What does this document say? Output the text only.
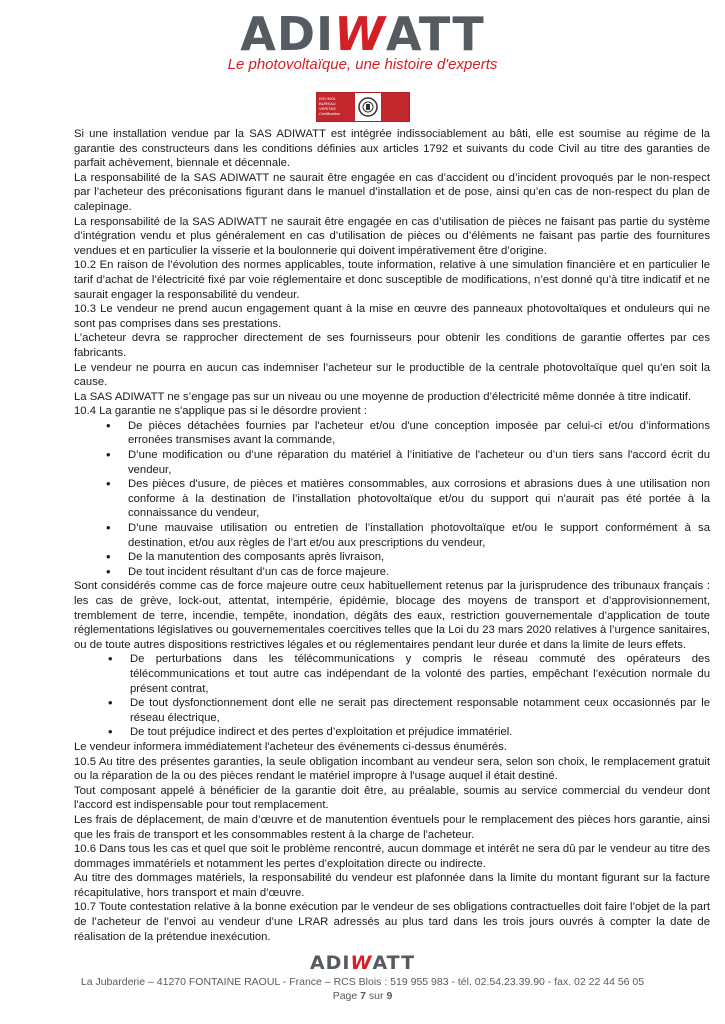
ADIWATT
Le photovoltaïque, une histoire d'experts
ISO 9001
BUREAU VERITAS
Certification

Si une installation vendue par la SAS ADIWATT est intégrée indissociablement au bâti, elle est soumise au régime de la garantie des constructeurs dans les conditions définies aux articles 1792 et suivants du code Civil au titre des garanties de parfait achèvement, biennale et décennale.

La responsabilité de la SAS ADIWATT ne saurait être engagée en cas d’accident ou d’incident provoqués par le non-respect par l’acheteur des préconisations figurant dans le manuel d’installation et de pose, ainsi qu’en cas de non-respect du plan de calepinage.

La responsabilité de la SAS ADIWATT ne saurait être engagée en cas d’utilisation de pièces ne faisant pas partie du système d’intégration vendu et plus généralement en cas d’utilisation de pièces ou d’éléments ne faisant pas partie des fournitures vendues et en particulier la visserie et la boulonnerie qui doivent impérativement être d’origine.

10.2 En raison de l’évolution des normes applicables, toute information, relative à une simulation financière et en particulier le tarif d’achat de l’électricité fixé par voie réglementaire et donc susceptible de modifications, n’est donné qu’à titre indicatif et ne saurait engager la responsabilité du vendeur.

10.3 Le vendeur ne prend aucun engagement quant à la mise en œuvre des panneaux photovoltaïques et onduleurs qui ne sont pas comprises dans ses prestations.

L’acheteur devra se rapprocher directement de ses fournisseurs pour obtenir les conditions de garantie offertes par ces fabricants.

Le vendeur ne pourra en aucun cas indemniser l’acheteur sur le productible de la centrale photovoltaïque quel qu’en soit la cause.

La SAS ADIWATT ne s’engage pas sur un niveau ou une moyenne de production d’électricité même donnée à titre indicatif.

10.4 La garantie ne s'applique pas si le désordre provient :

• De pièces détachées fournies par l'acheteur et/ou d'une conception imposée par celui-ci et/ou d’informations erronées transmises avant la commande,
• D’une modification ou d’une réparation du matériel à l’initiative de l'acheteur ou d’un tiers sans l'accord écrit du vendeur,
• Des pièces d'usure, de pièces et matières consommables, aux corrosions et abrasions dues à une utilisation non conforme à la destination de l’installation photovoltaïque et/ou du support qui n'aurait pas été portée à la connaissance du vendeur,
• D’une mauvaise utilisation ou entretien de l’installation photovoltaïque et/ou le support conformément à sa destination, et/ou aux règles de l’art et/ou aux prescriptions du vendeur,
• De la manutention des composants après livraison,
• De tout incident résultant d’un cas de force majeure.

Sont considérés comme cas de force majeure outre ceux habituellement retenus par la jurisprudence des tribunaux français : les cas de grève, lock-out, attentat, intempérie, épidémie, blocage des moyens de transport et d’approvisionnement, tremblement de terre, incendie, tempête, inondation, dégâts des eaux, restriction gouvernementale d’application de toute réglementations législatives ou gouvernementales coercitives telles que la Loi du 23 mars 2020 relatives à l’urgence sanitaires, ou de toute autres dispositions restrictives légales et ou réglementaires pendant leur durée et dans la limite de leurs effets.

• De perturbations dans les télécommunications y compris le réseau commuté des opérateurs des télécommunications et tout autre cas indépendant de la volonté des parties, empêchant l’exécution normale du présent contrat,
• De tout dysfonctionnement dont elle ne serait pas directement responsable notamment ceux occasionnés par le réseau électrique,
• De tout préjudice indirect et des pertes d’exploitation et préjudice immatériel.

Le vendeur informera immédiatement l'acheteur des événements ci-dessus énumérés.

10.5 Au titre des présentes garanties, la seule obligation incombant au vendeur sera, selon son choix, le remplacement gratuit ou la réparation de la ou des pièces rendant le matériel impropre à l'usage auquel il était destiné.

Tout composant appelé à bénéficier de la garantie doit être, au préalable, soumis au service commercial du vendeur dont l'accord est indispensable pour tout remplacement.

Les frais de déplacement, de main d’œuvre et de manutention éventuels pour le remplacement des pièces hors garantie, ainsi que les frais de transport et les consommables restent à la charge de l'acheteur.

10.6 Dans tous les cas et quel que soit le problème rencontré, aucun dommage et intérêt ne sera dû par le vendeur au titre des dommages immatériels et notamment les pertes d’exploitation directe ou indirecte.

Au titre des dommages matériels, la responsabilité du vendeur est plafonnée dans la limite du montant figurant sur la facture récapitulative, hors transport et main d’œuvre.

10.7 Toute contestation relative à la bonne exécution par le vendeur de ses obligations contractuelles doit faire l’objet de la part de l’acheteur de l’envoi au vendeur d’une LRAR adressés au plus tard dans les trois jours ouvrés à compter la date de réalisation de la prétendue inexécution.

ADIWATT
La Jubarderie – 41270 FONTAINE RAOUL - France – RCS Blois : 519 955 983 - tél. 02.54.23.39.90 - fax. 02 22 44 56 05
Page 7 sur 9
